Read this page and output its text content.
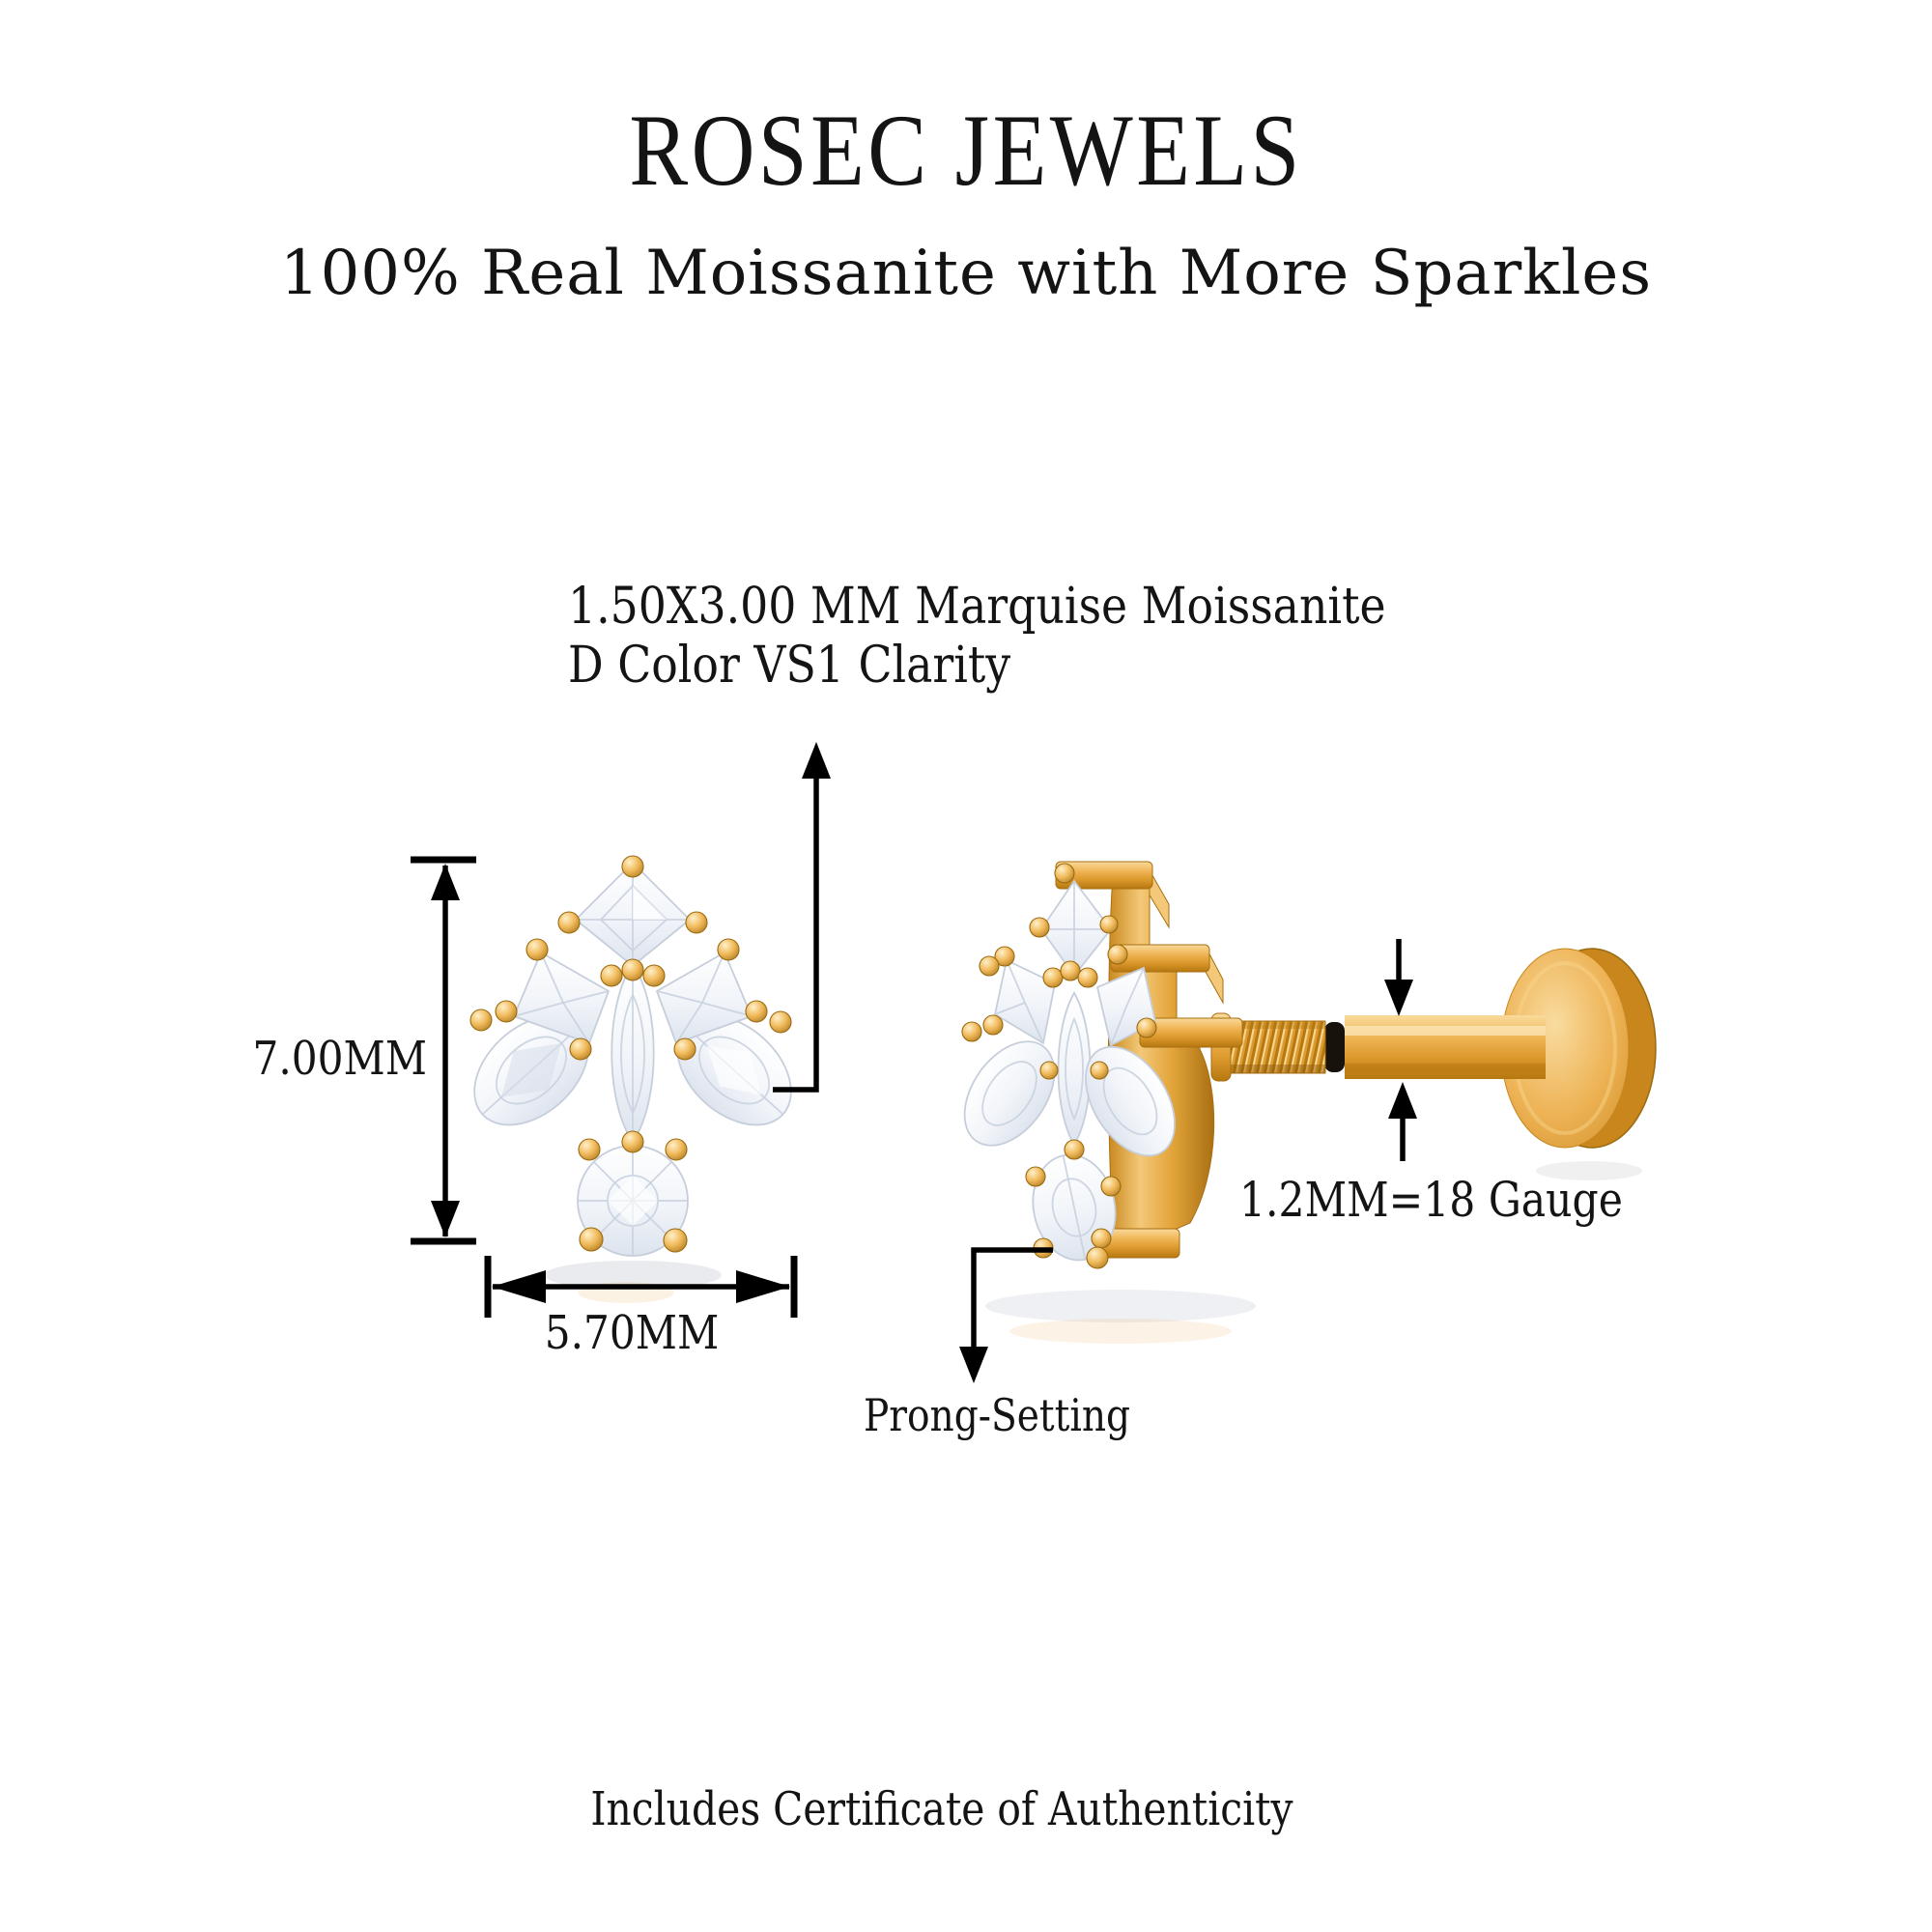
ROSEC JEWELS
100% Real Moissanite with More Sparkles
1.50X3.00 MM Marquise Moissanite
D Color VS1 Clarity
7.00MM
5.70MM
1.2MM=18 Gauge
Prong-Setting
Includes Certificate of Authenticity
